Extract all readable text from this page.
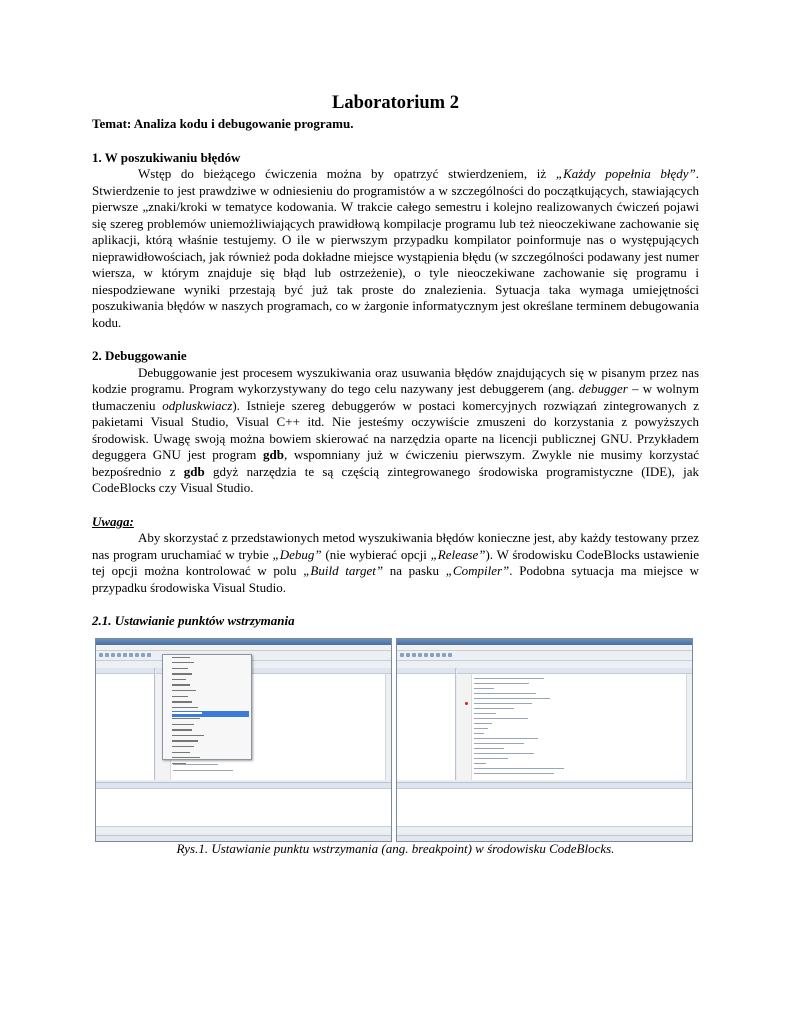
Laboratorium 2
Temat: Analiza kodu i debugowanie programu.
1. W poszukiwaniu błędów

Wstęp do bieżącego ćwiczenia można by opatrzyć stwierdzeniem, iż „Każdy popełnia błędy”. Stwierdzenie to jest prawdziwe w odniesieniu do programistów a w szczególności do początkujących, stawiających pierwsze „znaki/kroki w tematyce kodowania. W trakcie całego semestru i kolejno realizowanych ćwiczeń pojawi się szereg problemów uniemożliwiających prawidłową kompilacje programu lub też nieoczekiwane zachowanie się aplikacji, którą właśnie testujemy. O ile w pierwszym przypadku kompilator poinformuje nas o występujących nieprawidłowościach, jak również poda dokładne miejsce wystąpienia błędu (w szczególności podawany jest numer wiersza, w którym znajduje się błąd lub ostrzeżenie), o tyle nieoczekiwane zachowanie się programu i niespodziewane wyniki przestają być już tak proste do znalezienia. Sytuacja taka wymaga umiejętności poszukiwania błędów w naszych programach, co w żargonie informatycznym jest określane terminem debugowania kodu.

2. Debuggowanie

Debuggowanie jest procesem wyszukiwania oraz usuwania błędów znajdujących się w pisanym przez nas kodzie programu. Program wykorzystywany do tego celu nazywany jest debuggerem (ang. debugger – w wolnym tłumaczeniu odpluskwiacz). Istnieje szereg debuggerów w postaci komercyjnych rozwiązań zintegrowanych z pakietami Visual Studio, Visual C++ itd. Nie jesteśmy oczywiście zmuszeni do korzystania z powyższych środowisk. Uwagę swoją można bowiem skierować na narzędzia oparte na licencji publicznej GNU. Przykładem deguggera GNU jest program gdb, wspomniany już w ćwiczeniu pierwszym. Zwykle nie musimy korzystać bezpośrednio z gdb gdyż narzędzia te są częścią zintegrowanego środowiska programistyczne (IDE), jak CodeBlocks czy Visual Studio.

Uwaga:

Aby skorzystać z przedstawionych metod wyszukiwania błędów konieczne jest, aby każdy testowany przez nas program uruchamiać w trybie „Debug” (nie wybierać opcji „Release”). W środowisku CodeBlocks ustawienie tej opcji można kontrolować w polu „Build target” na pasku „Compiler”. Podobna sytuacja ma miejsce w przypadku środowiska Visual Studio.

2.1. Ustawianie punktów wstrzymania
Rys.1. Ustawianie punktu wstrzymania (ang. breakpoint) w środowisku CodeBlocks.
